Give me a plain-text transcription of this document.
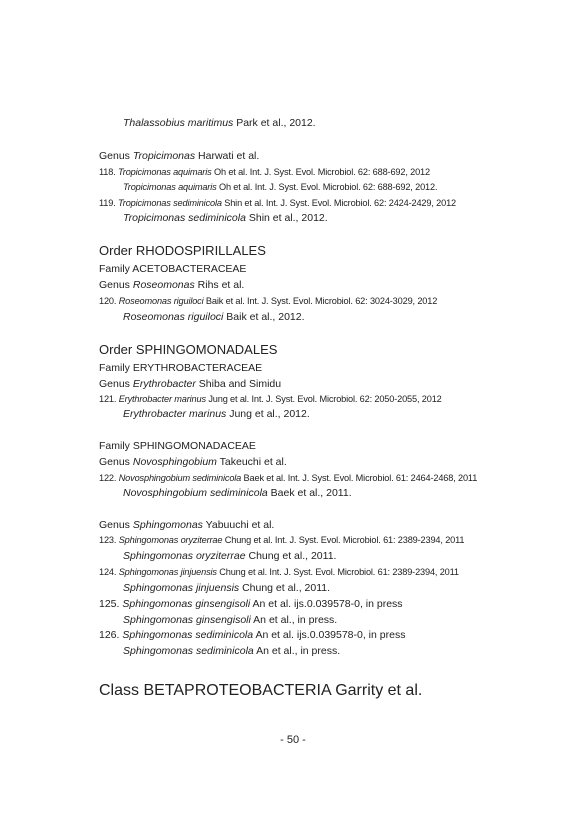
Thalassobius maritimus Park et al., 2012.
Genus Tropicimonas Harwati et al.
118. Tropicimonas aquimaris Oh et al. Int. J. Syst. Evol. Microbiol. 62: 688-692, 2012
Tropicimonas aquimaris Oh et al. Int. J. Syst. Evol. Microbiol. 62: 688-692, 2012.
119. Tropicimonas sediminicola Shin et al. Int. J. Syst. Evol. Microbiol. 62: 2424-2429, 2012
Tropicimonas sediminicola Shin et al., 2012.
Order RHODOSPIRILLALES
Family ACETOBACTERACEAE
Genus Roseomonas Rihs et al.
120. Roseomonas riguiloci Baik et al. Int. J. Syst. Evol. Microbiol. 62: 3024-3029, 2012
Roseomonas riguiloci Baik et al., 2012.
Order SPHINGOMONADALES
Family ERYTHROBACTERACEAE
Genus Erythrobacter Shiba and Simidu
121. Erythrobacter marinus Jung et al. Int. J. Syst. Evol. Microbiol. 62: 2050-2055, 2012
Erythrobacter marinus Jung et al., 2012.
Family SPHINGOMONADACEAE
Genus Novosphingobium Takeuchi et al.
122. Novosphingobium sediminicola Baek et al. Int. J. Syst. Evol. Microbiol. 61: 2464-2468, 2011
Novosphingobium sediminicola Baek et al., 2011.
Genus Sphingomonas Yabuuchi et al.
123. Sphingomonas oryziterrae Chung et al. Int. J. Syst. Evol. Microbiol. 61: 2389-2394, 2011
Sphingomonas oryziterrae Chung et al., 2011.
124. Sphingomonas jinjuensis Chung et al. Int. J. Syst. Evol. Microbiol. 61: 2389-2394, 2011
Sphingomonas jinjuensis Chung et al., 2011.
125. Sphingomonas ginsengisoli An et al. ijs.0.039578-0, in press
Sphingomonas ginsengisoli An et al., in press.
126. Sphingomonas sediminicola An et al. ijs.0.039578-0, in press
Sphingomonas sediminicola An et al., in press.
Class BETAPROTEOBACTERIA Garrity et al.
- 50 -
